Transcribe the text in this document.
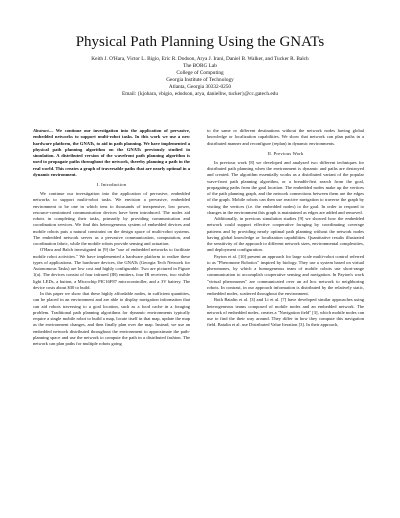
Physical Path Planning Using the GNATs
Keith J. O'Hara, Victor L. Bigio, Eric R. Dodson, Arya J. Irani, Daniel B. Walker, and Tucker R. Balch
The BORG Lab
College of Computing
Georgia Institute of Technology
Atlanta, Georgia 30332-0250
Email: {kjohara, vbigio, edodson, arya, danielbw, tucker}@cc.gatech.edu

Abstract— We continue our investigation into the application of pervasive, embedded networks to support multi-robot tasks. In this work we use a new hardware platform, the GNATs, to aid in path planning. We have implemented a physical path planning algorithm on the GNATs previously studied in simulation. A distributed version of the wavefront path planning algorithm is used to propagate paths throughout the network, thereby planning a path in the real world. This creates a graph of traversable paths that are nearly optimal in a dynamic environment.

I. Introduction

We continue our investigation into the application of pervasive, embedded networks to support multi-robot tasks. We envision a pervasive, embedded environment to be one in which tens to thousands of inexpensive, low power, resource-constrained communication devices have been introduced. The nodes aid robots in completing their tasks, primarily by providing communication and coordination services. We find this heterogeneous system of embedded devices and mobile robots puts a natural constraint on the design space of multi-robot systems. The embedded network serves as a pervasive communication, computation, and coordination fabric, while the mobile robots provide sensing and actuation.

O'Hara and Balch investigated in [9] the "use of embedded networks to facilitate mobile robot activities." We have implemented a hardware platform to realize these types of applications. The hardware devices, the GNATs (Georgia Tech Network for Autonomous Tasks) are low cost and highly configurable. Two are pictured in Figure 1(a). The devices consist of four infrared (IR) emitters, four IR receivers, two visible light LEDs, a button, a Microchip PIC16F87 microcontroller, and a 3V battery. The device costs about $30 to build.

In this paper we show that these highly affordable nodes, in sufficient quantities, can be placed in an environment and are able to display navigation information that can aid robots traversing to a goal location, such as a food cache in a foraging problem. Traditional path planning algorithms for dynamic environments typically require a single mobile robot to build a map, locate itself in that map, update the map as the environment changes, and then finally plan over the map. Instead, we use an embedded network distributed throughout the environment to approximate the path-planning space and use the network to compute the path in a distributed fashion. The network can plan paths for multiple robots going

to the same or different destinations without the network nodes having global knowledge or localization capabilities. We show that network can plan paths in a distributed manner and reconfigure (replan) in dynamic environments.

II. Previous Work

In previous work [8] we developed and analyzed two different techniques for distributed path planning when the environment is dynamic and paths are destroyed and created. The algorithm essentially works as a distributed variant of the popular wave-front path planning algorithm, or a breadth-first search from the goal, propagating paths from the goal location. The embedded nodes make up the vertices of the path planning graph, and the network connections between them are the edges of the graph. Mobile robots can then use reactive navigation to traverse the graph by visiting the vertices (i.e. the embedded nodes) to the goal. In order to respond to changes in the environment this graph is maintained as edges are added and removed.

Additionally, in previous simulation studies [9] we showed how the embedded network could support effective cooperative foraging by coordinating coverage patterns and by providing nearly optimal path planning without the network nodes having global knowledge or localization capabilities. Quantitative results illustrated the sensitivity of the approach to different network sizes, environmental complexities, and deployment configuration.

Payton et al. [10] present an approach for large scale multi-robot control referred to as "Pheromone Robotics" inspired by biology. They use a system based on virtual pheromones, by which a homogeneous team of mobile robots use short-range communication to accomplish cooperative sensing and navigation. In Payton's work "virtual pheromones" are communicated over an ad hoc network to neighboring robots. In contrast, in our approach information is distributed by the relatively static, embedded nodes, scattered throughout the environment.

Both Batalin et al. [3] and Li et al. [7] have developed similar approaches using heterogeneous teams composed of mobile nodes and an embedded network. The network of embedded nodes, creates a "Navigation field" [3], which mobile nodes can use to find the their way around. They differ in how they compute this navigation field. Batalin et al. use Distributed Value Iteration [3]. In their approach,
